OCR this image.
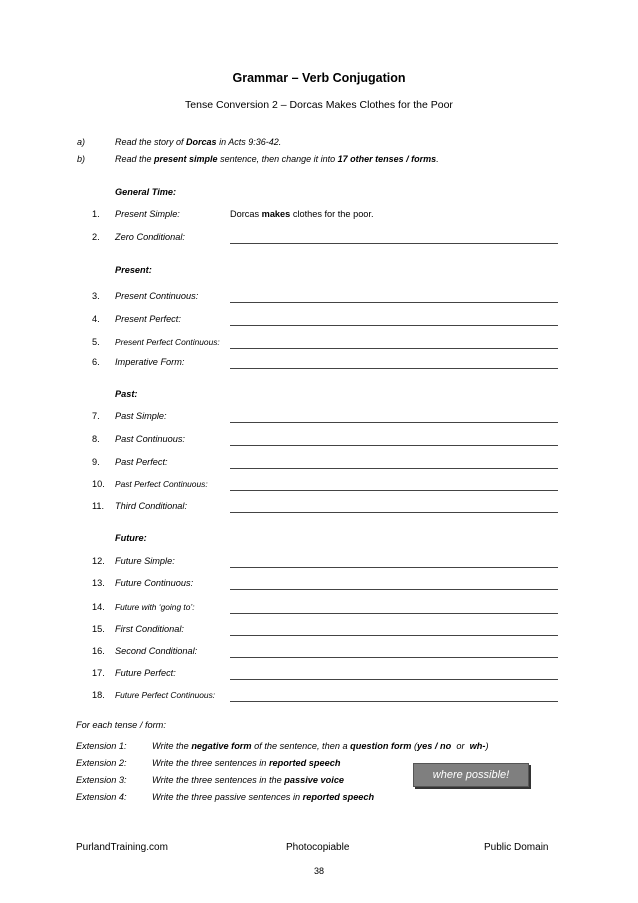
Grammar – Verb Conjugation
Tense Conversion 2 – Dorcas Makes Clothes for the Poor
a)	Read the story of Dorcas in Acts 9:36-42.
b)	Read the present simple sentence, then change it into 17 other tenses / forms.
General Time:
Present:
Past:
Future:
1. Present Simple:	Dorcas makes clothes for the poor.
2. Zero Conditional:
3. Present Continuous:
4. Present Perfect:
5. Present Perfect Continuous:
6. Imperative Form:
7. Past Simple:
8. Past Continuous:
9. Past Perfect:
10. Past Perfect Continuous:
11. Third Conditional:
12. Future Simple:
13. Future Continuous:
14. Future with ‘going to’:
15. First Conditional:
16. Second Conditional:
17. Future Perfect:
18. Future Perfect Continuous:
For each tense / form:
Extension 1:	Write the negative form of the sentence, then a question form (yes / no  or  wh-)
Extension 2:	Write the three sentences in reported speech
Extension 3:	Write the three sentences in the passive voice
Extension 4:	Write the three passive sentences in reported speech
where possible!
PurlandTraining.com	Photocopiable	Public Domain
38
